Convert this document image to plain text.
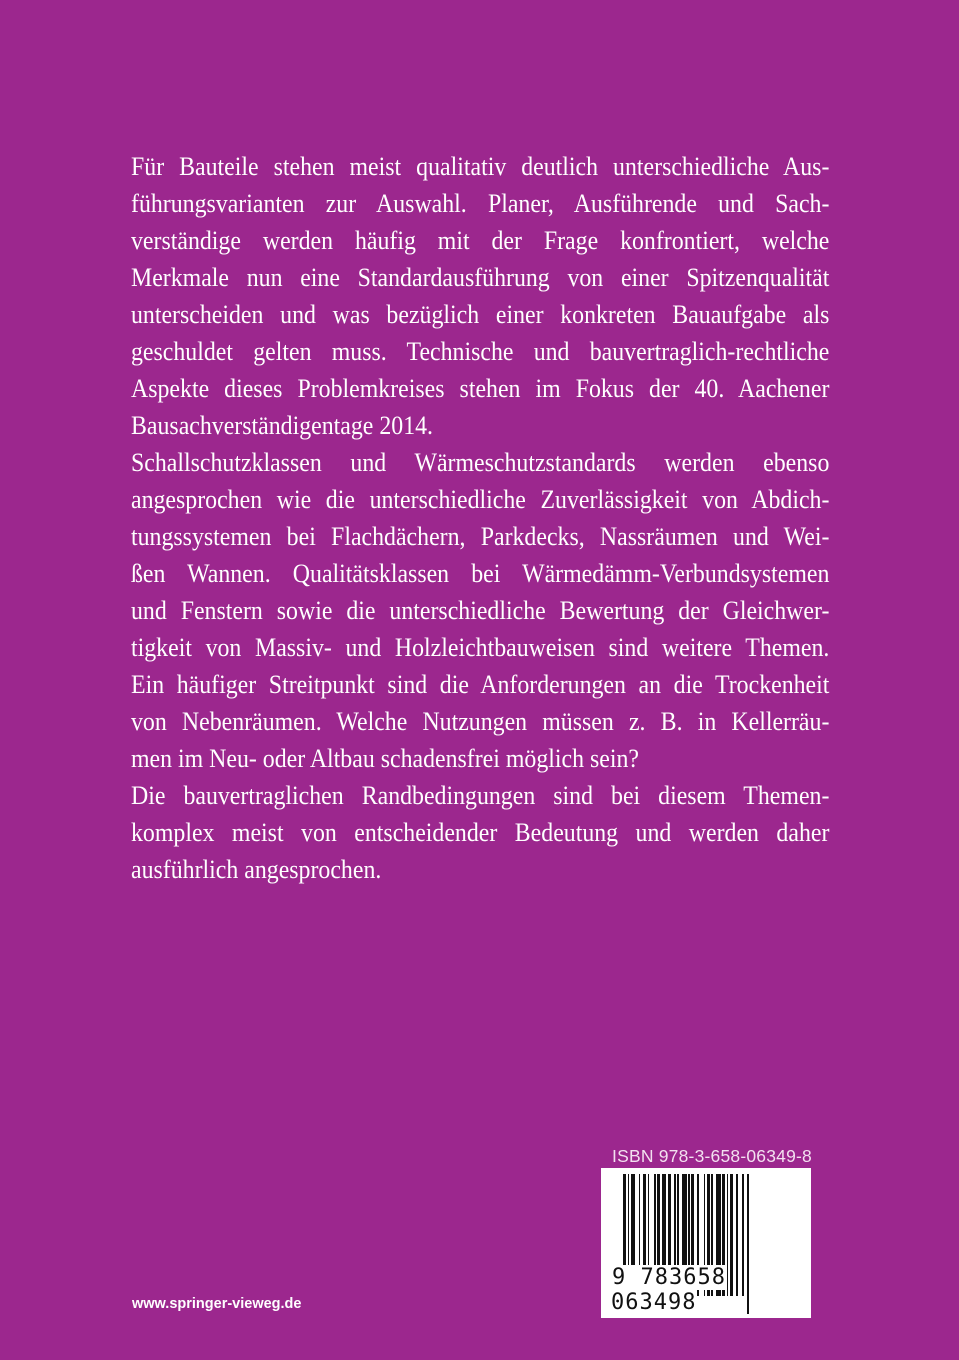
Für Bauteile stehen meist qualitativ deutlich unterschiedliche Aus-
führungsvarianten zur Auswahl. Planer, Ausführende und Sach-
verständige werden häufig mit der Frage konfrontiert, welche
Merkmale nun eine Standardausführung von einer Spitzenqualität
unterscheiden und was bezüglich einer konkreten Bauaufgabe als
geschuldet gelten muss. Technische und bauvertraglich-rechtliche
Aspekte dieses Problemkreises stehen im Fokus der 40. Aachener
Bausachverständigentage 2014.
Schallschutzklassen und Wärmeschutzstandards werden ebenso
angesprochen wie die unterschiedliche Zuverlässigkeit von Abdich-
tungssystemen bei Flachdächern, Parkdecks, Nassräumen und Wei-
ßen Wannen. Qualitätsklassen bei Wärmedämm-Verbundsystemen
und Fenstern sowie die unterschiedliche Bewertung der Gleichwer-
tigkeit von Massiv- und Holzleichtbauweisen sind weitere Themen.
Ein häufiger Streitpunkt sind die Anforderungen an die Trockenheit
von Nebenräumen. Welche Nutzungen müssen z. B. in Kellerräu-
men im Neu- oder Altbau schadensfrei möglich sein?
Die bauvertraglichen Randbedingungen sind bei diesem Themen-
komplex meist von entscheidender Bedeutung und werden daher
ausführlich angesprochen.
ISBN 978-3-658-06349-8
9 783658 063498
www.springer-vieweg.de
